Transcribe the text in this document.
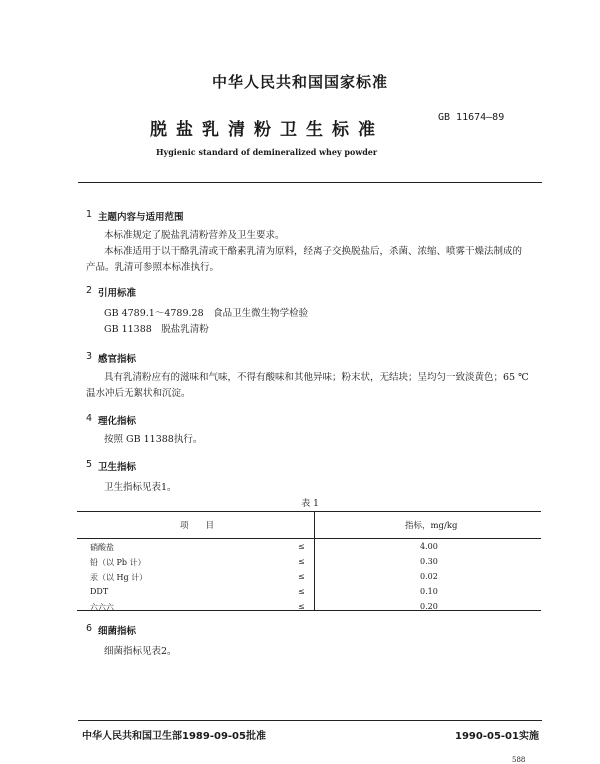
中华人民共和国国家标准
脱盐乳清粉卫生标准
GB 11674—89
Hygienic standard of demineralized whey powder
1 主题内容与适用范围
本标准规定了脱盐乳清粉营养及卫生要求。
本标准适用于以干酪乳清或干酪素乳清为原料，经离子交换脱盐后，杀菌、浓缩、喷雾干燥法制成的
产品。乳清可参照本标准执行。
2 引用标准
GB 4789.1～4789.28　食品卫生微生物学检验
GB 11388　脱盐乳清粉
3 感官指标
具有乳清粉应有的滋味和气味，不得有酸味和其他异味；粉末状，无结块；呈均匀一致淡黄色；65 ℃
温水冲后无絮状和沉淀。
4 理化指标
按照 GB 11388执行。
5 卫生指标
卫生指标见表1。
表 1
项　　目	指标，mg/kg
硝酸盐	≤	4.00
铅（以 Pb 计）	≤	0.30
汞（以 Hg 计）	≤	0.02
DDT	≤	0.10
六六六	≤	0.20
6 细菌指标
细菌指标见表2。
中华人民共和国卫生部1989-09-05批准	1990-05-01实施
588
